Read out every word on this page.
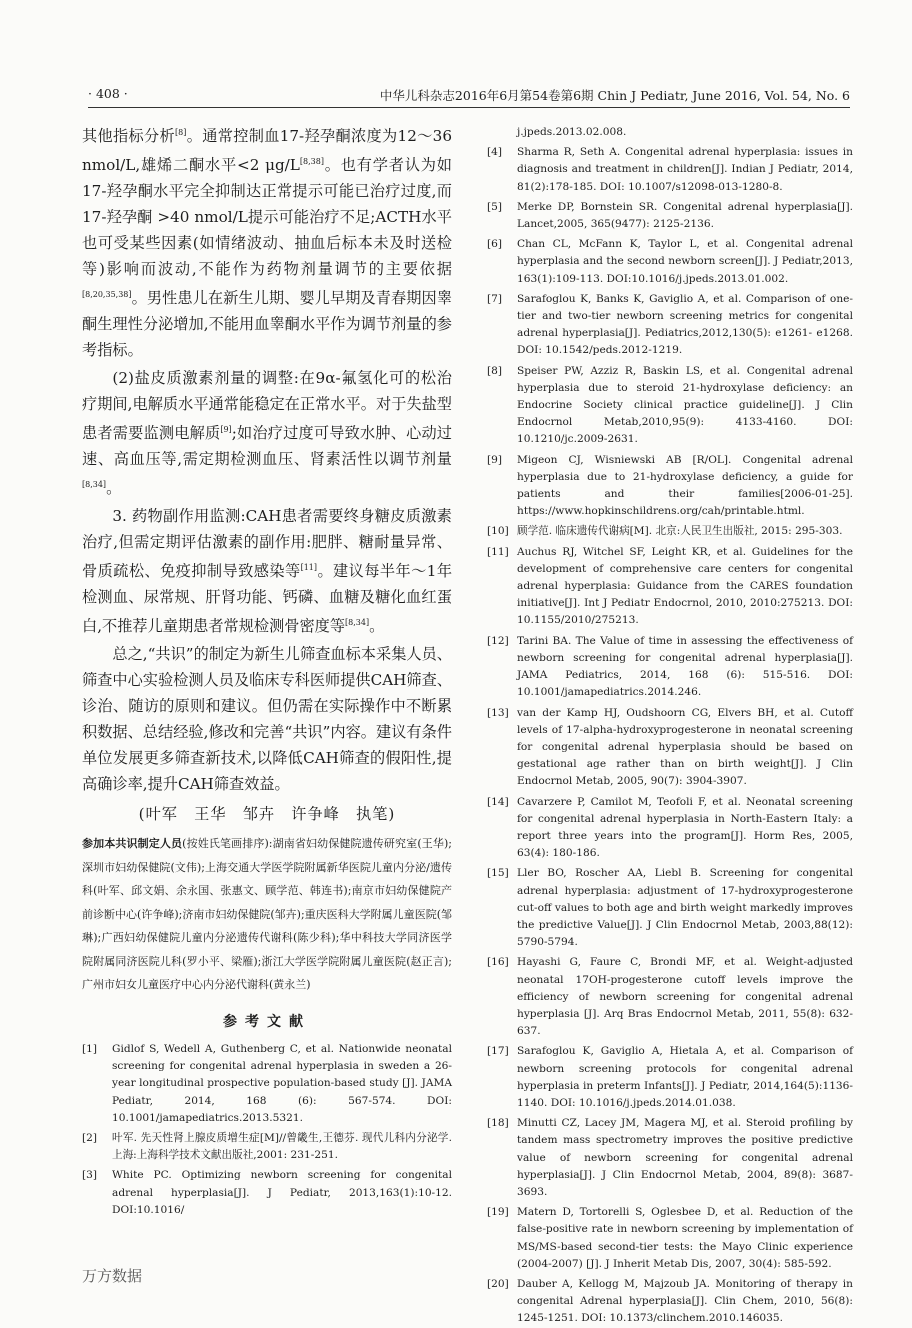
· 408 ·	中华儿科杂志2016年6月第54卷第6期 Chin J Pediatr, June 2016, Vol. 54, No. 6

其他指标分析[8]。通常控制血17-羟孕酮浓度为12～36 nmol/L,雄烯二酮水平<2 μg/L[8,38]。也有学者认为如17-羟孕酮水平完全抑制达正常提示可能已治疗过度,而17-羟孕酮 >40 nmol/L提示可能治疗不足;ACTH水平也可受某些因素(如情绪波动、抽血后标本未及时送检等)影响而波动,不能作为药物剂量调节的主要依据[8,20,35,38]。男性患儿在新生儿期、婴儿早期及青春期因睾酮生理性分泌增加,不能用血睾酮水平作为调节剂量的参考指标。

(2)盐皮质激素剂量的调整:在9α-氟氢化可的松治疗期间,电解质水平通常能稳定在正常水平。对于失盐型患者需要监测电解质[9];如治疗过度可导致水肿、心动过速、高血压等,需定期检测血压、肾素活性以调节剂量[8,34]。

3. 药物副作用监测:CAH患者需要终身糖皮质激素治疗,但需定期评估激素的副作用:肥胖、糖耐量异常、骨质疏松、免疫抑制导致感染等[11]。建议每半年～1年检测血、尿常规、肝肾功能、钙磷、血糖及糖化血红蛋白,不推荐儿童期患者常规检测骨密度等[8,34]。

总之,“共识”的制定为新生儿筛查血标本采集人员、筛查中心实验检测人员及临床专科医师提供CAH筛查、诊治、随访的原则和建议。但仍需在实际操作中不断累积数据、总结经验,修改和完善“共识”内容。建议有条件单位发展更多筛查新技术,以降低CAH筛查的假阳性,提高确诊率,提升CAH筛查效益。

(叶军　王华　邹卉　许争峰　执笔)

参加本共识制定人员(按姓氏笔画排序):湖南省妇幼保健院遗传研究室(王华);深圳市妇幼保健院(文伟);上海交通大学医学院附属新华医院儿童内分泌/遗传科(叶军、邱文娟、余永国、张惠文、顾学范、韩连书);南京市妇幼保健院产前诊断中心(许争峰);济南市妇幼保健院(邹卉);重庆医科大学附属儿童医院(邹琳);广西妇幼保健院儿童内分泌遗传代谢科(陈少科);华中科技大学同济医学院附属同济医院儿科(罗小平、梁雁);浙江大学医学院附属儿童医院(赵正言);广州市妇女儿童医疗中心内分泌代谢科(黄永兰)

参考文献
[1]	Gidlof S, Wedell A, Guthenberg C, et al. Nationwide neonatal screening for congenital adrenal hyperplasia in sweden a 26-year longitudinal prospective population-based study [J]. JAMA Pediatr, 2014, 168 (6): 567-574. DOI: 10.1001/jamapediatrics.2013.5321.
[2]	叶军. 先天性肾上腺皮质增生症[M]//曾畿生,王德芬. 现代儿科内分泌学. 上海:上海科学技术文献出版社,2001: 231-251.
[3]	White PC. Optimizing newborn screening for congenital adrenal hyperplasia[J]. J Pediatr, 2013,163(1):10-12. DOI:10.1016/
j.jpeds.2013.02.008.
[4]	Sharma R, Seth A. Congenital adrenal hyperplasia: issues in diagnosis and treatment in children[J]. Indian J Pediatr, 2014, 81(2):178-185. DOI: 10.1007/s12098-013-1280-8.
[5]	Merke DP, Bornstein SR. Congenital adrenal hyperplasia[J]. Lancet,2005, 365(9477): 2125-2136.
[6]	Chan CL, McFann K, Taylor L, et al. Congenital adrenal hyperplasia and the second newborn screen[J]. J Pediatr,2013, 163(1):109-113. DOI:10.1016/j.jpeds.2013.01.002.
[7]	Sarafoglou K, Banks K, Gaviglio A, et al. Comparison of one-tier and two-tier newborn screening metrics for congenital adrenal hyperplasia[J]. Pediatrics,2012,130(5): e1261- e1268. DOI: 10.1542/peds.2012-1219.
[8]	Speiser PW, Azziz R, Baskin LS, et al. Congenital adrenal hyperplasia due to steroid 21-hydroxylase deficiency: an Endocrine Society clinical practice guideline[J]. J Clin Endocrnol Metab,2010,95(9): 4133-4160. DOI: 10.1210/jc.2009-2631.
[9]	Migeon CJ, Wisniewski AB [R/OL]. Congenital adrenal hyperplasia due to 21-hydroxylase deficiency, a guide for patients and their families[2006-01-25]. https://www.hopkinschildrens.org/cah/printable.html.
[10] 顾学范. 临床遗传代谢病[M]. 北京:人民卫生出版社, 2015: 295-303.
[11] Auchus RJ, Witchel SF, Leight KR, et al. Guidelines for the development of comprehensive care centers for congenital adrenal hyperplasia: Guidance from the CARES foundation initiative[J]. Int J Pediatr Endocrnol, 2010, 2010:275213. DOI: 10.1155/2010/275213.
[12] Tarini BA. The Value of time in assessing the effectiveness of newborn screening for congenital adrenal hyperplasia[J]. JAMA Pediatrics, 2014, 168 (6): 515-516. DOI: 10.1001/jamapediatrics.2014.246.
[13] van der Kamp HJ, Oudshoorn CG, Elvers BH, et al. Cutoff levels of 17-alpha-hydroxyprogesterone in neonatal screening for congenital adrenal hyperplasia should be based on gestational age rather than on birth weight[J]. J Clin Endocrnol Metab, 2005, 90(7): 3904-3907.
[14] Cavarzere P, Camilot M, Teofoli F, et al. Neonatal screening for congenital adrenal hyperplasia in North-Eastern Italy: a report three years into the program[J]. Horm Res, 2005, 63(4): 180-186.
[15] Ller BO, Roscher AA, Liebl B. Screening for congenital adrenal hyperplasia: adjustment of 17-hydroxyprogesterone cut-off values to both age and birth weight markedly improves the predictive Value[J]. J Clin Endocrnol Metab, 2003,88(12): 5790-5794.
[16] Hayashi G, Faure C, Brondi MF, et al. Weight-adjusted neonatal 17OH-progesterone cutoff levels improve the efficiency of newborn screening for congenital adrenal hyperplasia [J]. Arq Bras Endocrnol Metab, 2011, 55(8): 632-637.
[17] Sarafoglou K, Gaviglio A, Hietala A, et al. Comparison of newborn screening protocols for congenital adrenal hyperplasia in preterm Infants[J]. J Pediatr, 2014,164(5):1136-1140. DOI: 10.1016/j.jpeds.2014.01.038.
[18] Minutti CZ, Lacey JM, Magera MJ, et al. Steroid profiling by tandem mass spectrometry improves the positive predictive value of newborn screening for congenital adrenal hyperplasia[J]. J Clin Endocrnol Metab, 2004, 89(8): 3687-3693.
[19] Matern D, Tortorelli S, Oglesbee D, et al. Reduction of the false-positive rate in newborn screening by implementation of MS/MS-based second-tier tests: the Mayo Clinic experience (2004-2007) [J]. J Inherit Metab Dis, 2007, 30(4): 585-592.
[20] Dauber A, Kellogg M, Majzoub JA. Monitoring of therapy in congenital Adrenal hyperplasia[J]. Clin Chem, 2010, 56(8): 1245-1251. DOI: 10.1373/clinchem.2010.146035.
万方数据
